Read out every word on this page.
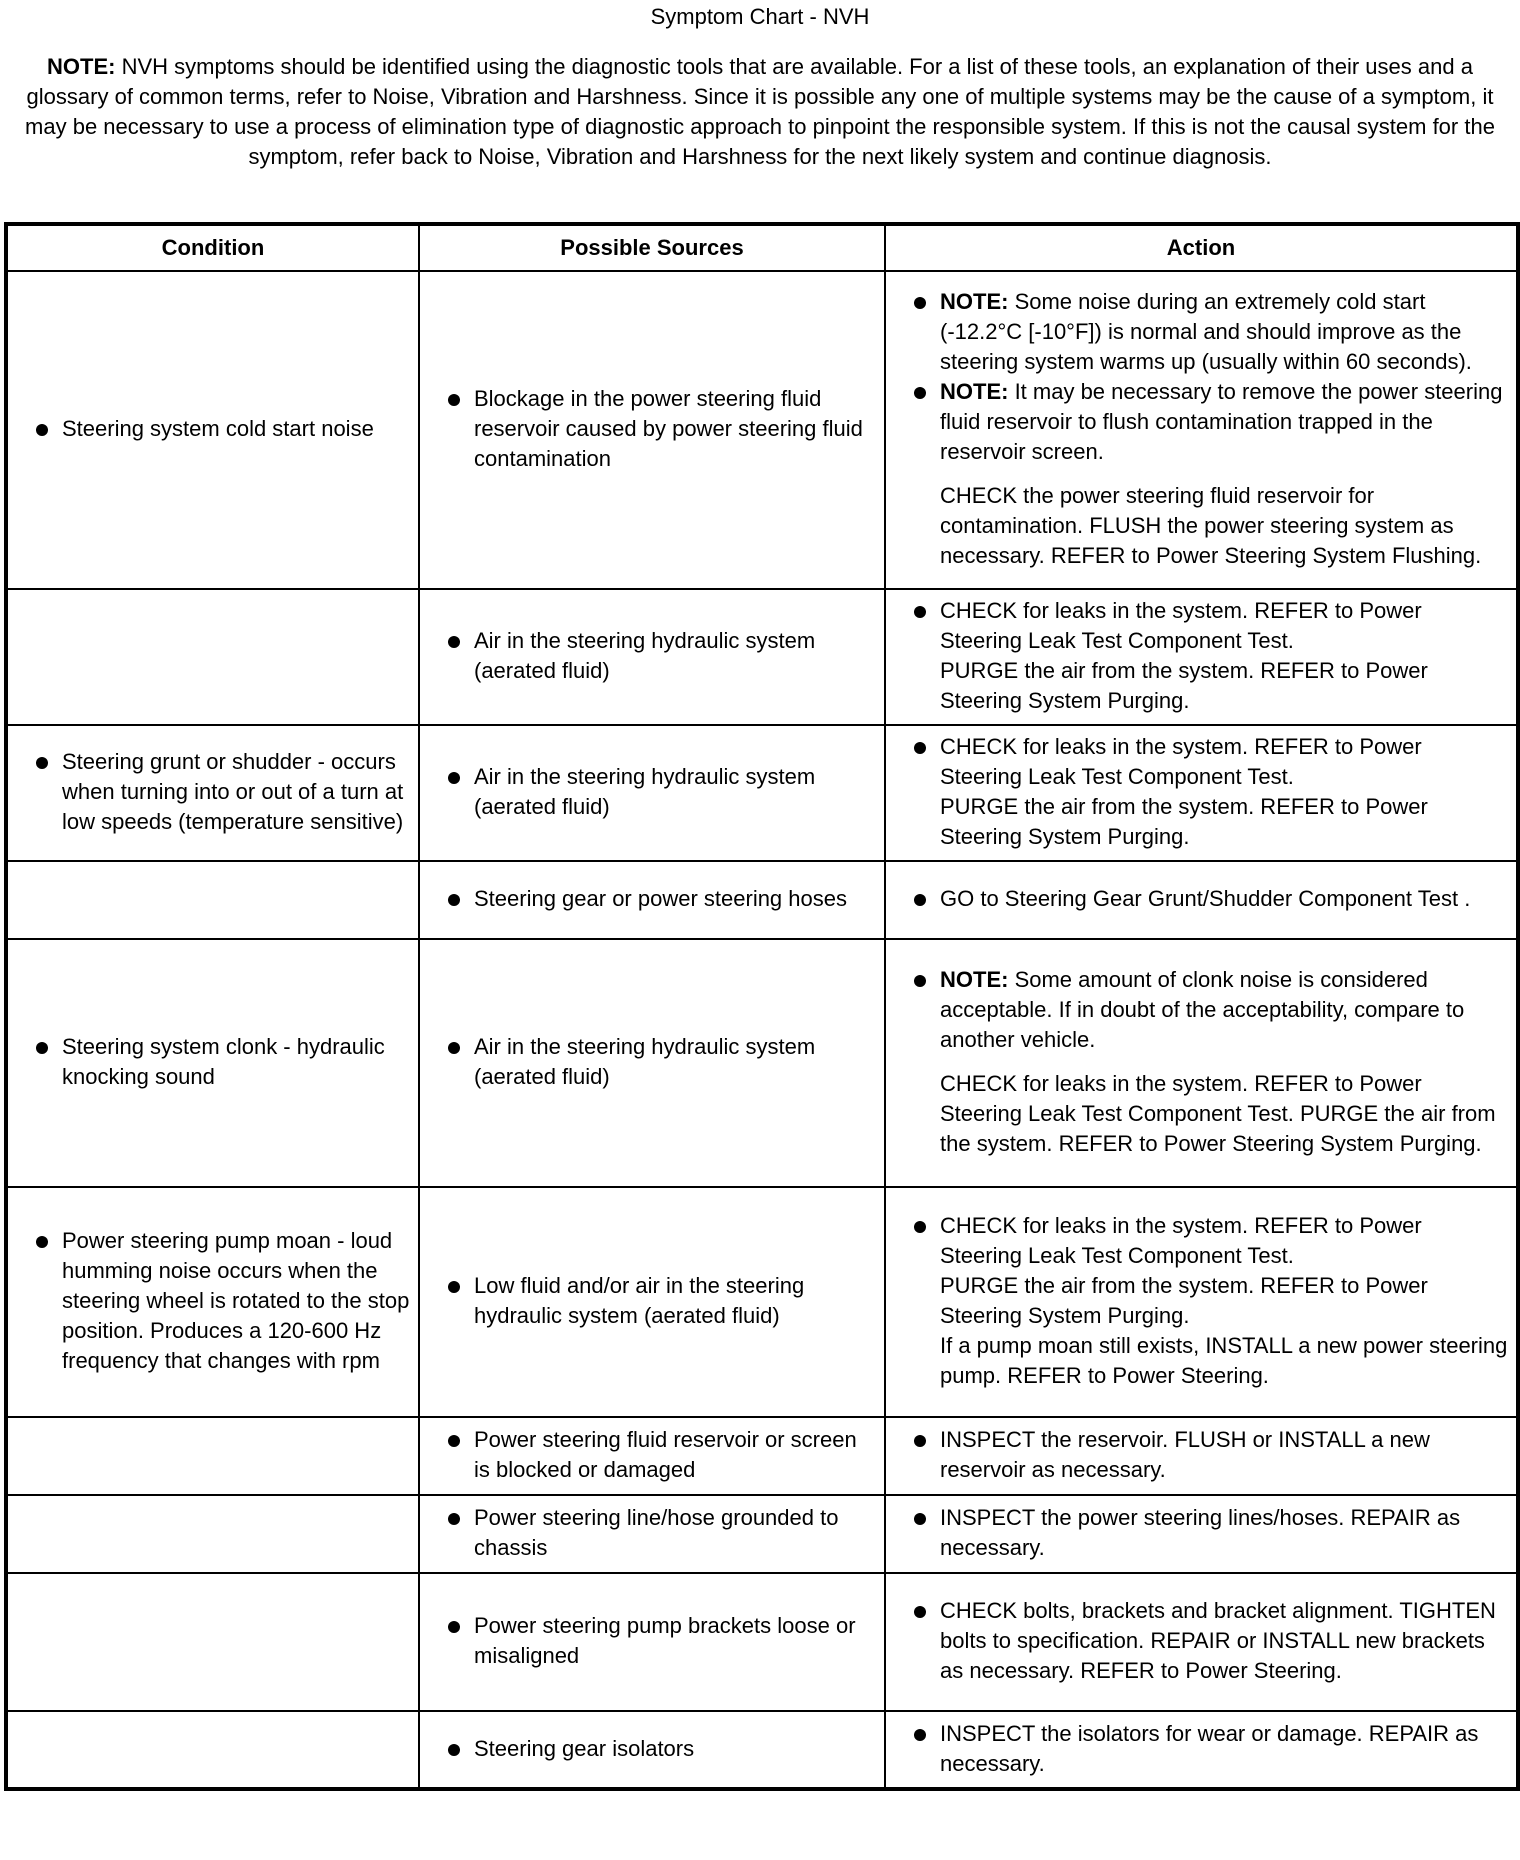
Symptom Chart - NVH
NOTE: NVH symptoms should be identified using the diagnostic tools that are available. For a list of these tools, an explanation of their uses and a glossary of common terms, refer to Noise, Vibration and Harshness. Since it is possible any one of multiple systems may be the cause of a symptom, it may be necessary to use a process of elimination type of diagnostic approach to pinpoint the responsible system. If this is not the causal system for the symptom, refer back to Noise, Vibration and Harshness for the next likely system and continue diagnosis.
Condition	Possible Sources	Action

Steering system cold start noise	Blockage in the power steering fluid reservoir caused by power steering fluid contamination	NOTE: Some noise during an extremely cold start (-12.2°C [-10°F]) is normal and should improve as the steering system warms up (usually within 60 seconds).
NOTE: It may be necessary to remove the power steering fluid reservoir to flush contamination trapped in the reservoir screen.
CHECK the power steering fluid reservoir for contamination. FLUSH the power steering system as necessary. REFER to Power Steering System Flushing.

	Air in the steering hydraulic system (aerated fluid)	CHECK for leaks in the system. REFER to Power Steering Leak Test Component Test.
PURGE the air from the system. REFER to Power Steering System Purging.

Steering grunt or shudder - occurs when turning into or out of a turn at low speeds (temperature sensitive)	Air in the steering hydraulic system (aerated fluid)	CHECK for leaks in the system. REFER to Power Steering Leak Test Component Test.
PURGE the air from the system. REFER to Power Steering System Purging.

	Steering gear or power steering hoses	GO to Steering Gear Grunt/Shudder Component Test .

Steering system clonk - hydraulic knocking sound	Air in the steering hydraulic system (aerated fluid)	NOTE: Some amount of clonk noise is considered acceptable. If in doubt of the acceptability, compare to another vehicle.
CHECK for leaks in the system. REFER to Power Steering Leak Test Component Test. PURGE the air from the system. REFER to Power Steering System Purging.

Power steering pump moan - loud humming noise occurs when the steering wheel is rotated to the stop position. Produces a 120-600 Hz frequency that changes with rpm	Low fluid and/or air in the steering hydraulic system (aerated fluid)	CHECK for leaks in the system. REFER to Power Steering Leak Test Component Test.
PURGE the air from the system. REFER to Power Steering System Purging.
If a pump moan still exists, INSTALL a new power steering pump. REFER to Power Steering.

	Power steering fluid reservoir or screen is blocked or damaged	INSPECT the reservoir. FLUSH or INSTALL a new reservoir as necessary.

	Power steering line/hose grounded to chassis	INSPECT the power steering lines/hoses. REPAIR as necessary.

	Power steering pump brackets loose or misaligned	CHECK bolts, brackets and bracket alignment. TIGHTEN bolts to specification. REPAIR or INSTALL new brackets as necessary. REFER to Power Steering.

	Steering gear isolators	INSPECT the isolators for wear or damage. REPAIR as necessary.
